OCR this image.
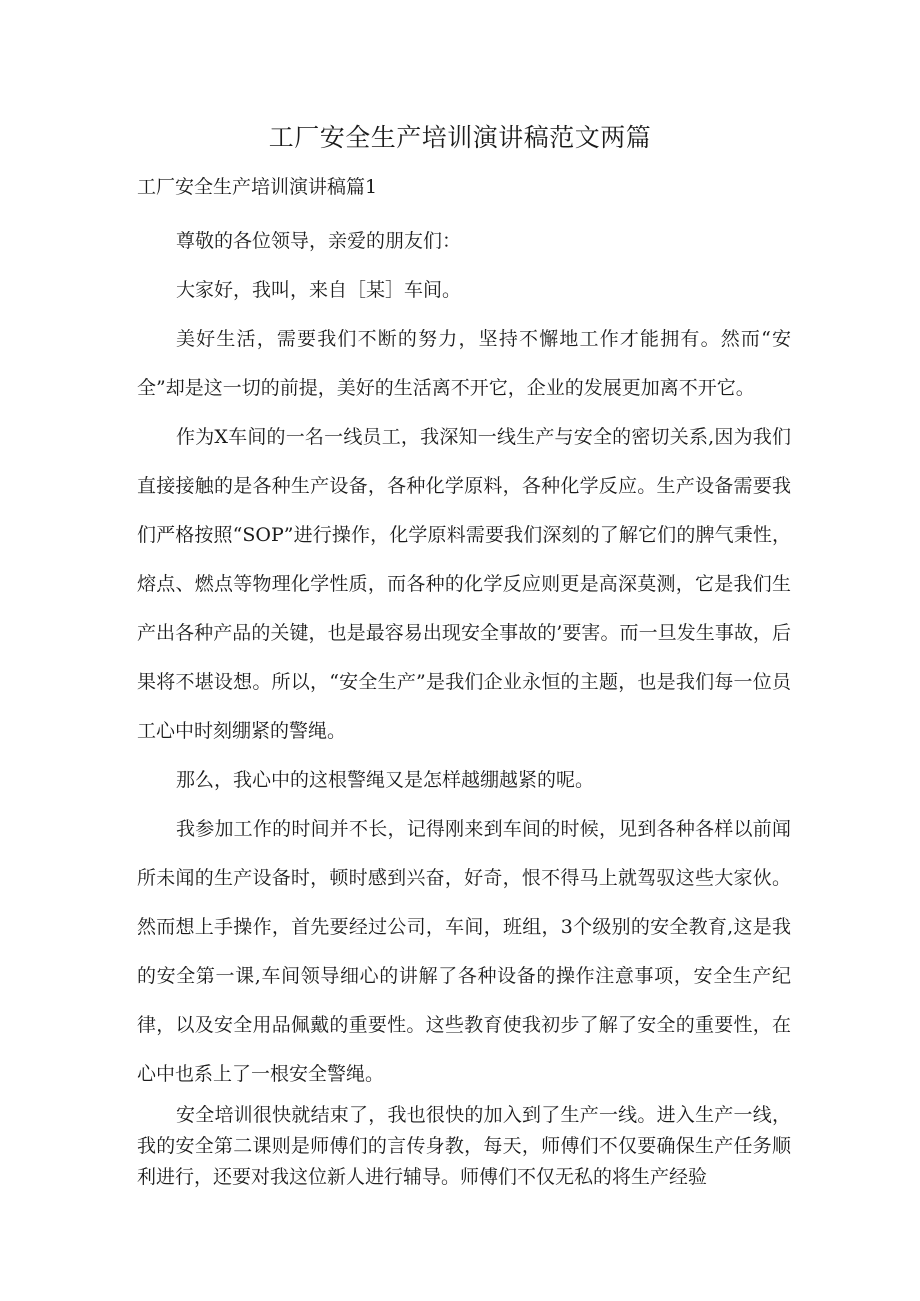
工厂安全生产培训演讲稿范文两篇
工厂安全生产培训演讲稿篇1

尊敬的各位领导，亲爱的朋友们：

大家好，我叫，来自［某］车间。

美好生活，需要我们不断的努力，坚持不懈地工作才能拥有。然而“安全”却是这一切的前提，美好的生活离不开它，企业的发展更加离不开它。

作为X车间的一名一线员工，我深知一线生产与安全的密切关系,因为我们直接接触的是各种生产设备，各种化学原料，各种化学反应。生产设备需要我们严格按照“SOP”进行操作，化学原料需要我们深刻的了解它们的脾气秉性，熔点、燃点等物理化学性质，而各种的化学反应则更是高深莫测，它是我们生产出各种产品的关键，也是最容易出现安全事故的’要害。而一旦发生事故，后果将不堪设想。所以，“安全生产”是我们企业永恒的主题，也是我们每一位员工心中时刻绷紧的警绳。

那么，我心中的这根警绳又是怎样越绷越紧的呢。

我参加工作的时间并不长，记得刚来到车间的时候，见到各种各样以前闻所未闻的生产设备时，顿时感到兴奋，好奇，恨不得马上就驾驭这些大家伙。然而想上手操作，首先要经过公司，车间，班组，3个级别的安全教育,这是我的安全第一课,车间领导细心的讲解了各种设备的操作注意事项，安全生产纪律，以及安全用品佩戴的重要性。这些教育使我初步了解了安全的重要性，在心中也系上了一根安全警绳。

安全培训很快就结束了，我也很快的加入到了生产一线。进入生产一线，我的安全第二课则是师傅们的言传身教，每天，师傅们不仅要确保生产任务顺利进行，还要对我这位新人进行辅导。师傅们不仅无私的将生产经验
